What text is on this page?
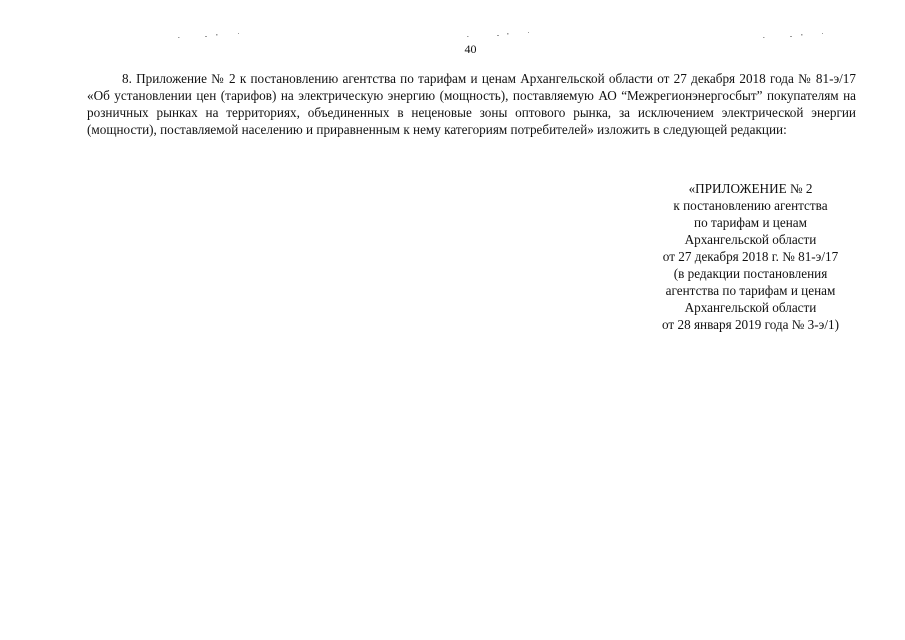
40

8. Приложение № 2 к постановлению агентства по тарифам и ценам Архангельской области от 27 декабря 2018 года № 81-э/17 «Об установлении цен (тарифов) на электрическую энергию (мощность), поставляемую АО “Межрегионэнергосбыт” покупателям на розничных рынках на территориях, объединенных в неценовые зоны оптового рынка, за исключением электрической энергии (мощности), поставляемой населению и приравненным к нему категориям потребителей» изложить в следующей редакции:

«ПРИЛОЖЕНИЕ № 2
к постановлению агентства
по тарифам и ценам
Архангельской области
от 27 декабря 2018 г. № 81-э/17
(в редакции постановления
агентства по тарифам и ценам
Архангельской области
от 28 января 2019 года № 3-э/1)
